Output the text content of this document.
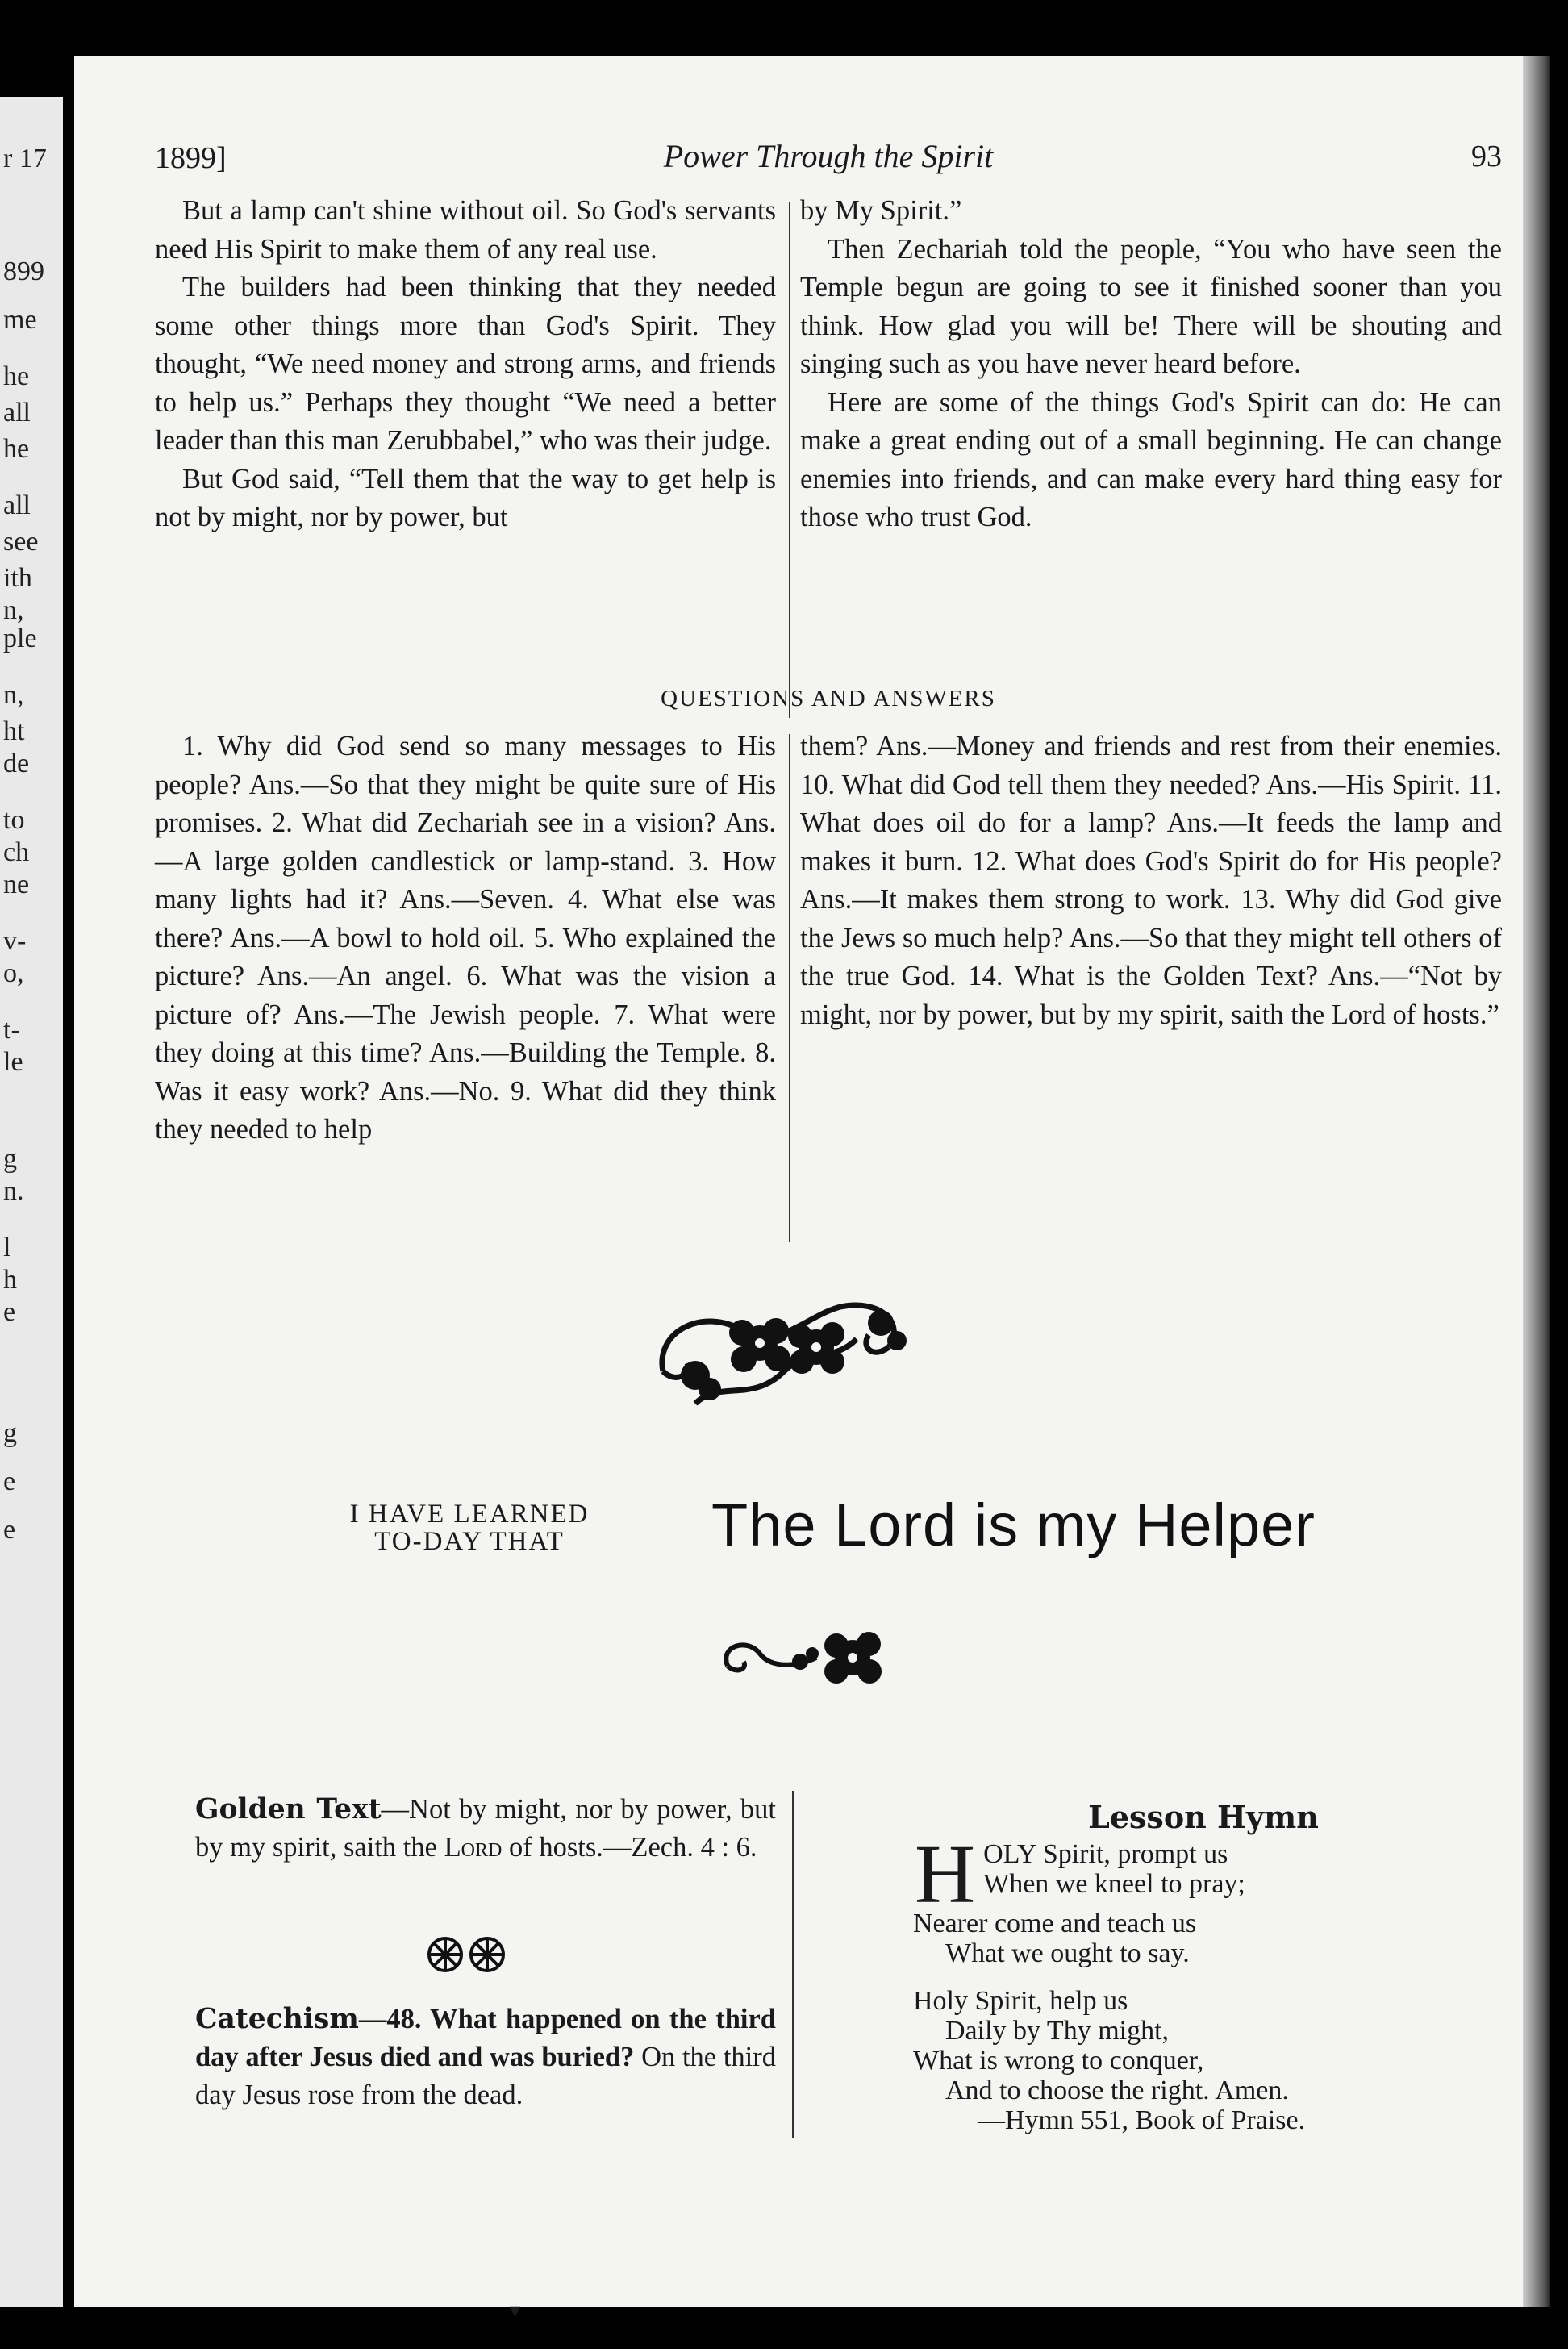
r 17
899
me
he
all
he
all
see
ith
n,
ple
n,
ht
de
to
ch
ne
v-
o,
t-
le
g
n.
l
h
e
g
e
e
1899]	Power Through the Spirit	93

But a lamp can't shine without oil. So God's servants need His Spirit to make them of any real use.

The builders had been thinking that they needed some other things more than God's Spirit. They thought, “We need money and strong arms, and friends to help us.” Perhaps they thought “We need a better leader than this man Zerubbabel,” who was their judge.

But God said, “Tell them that the way to get help is not by might, nor by power, but

by My Spirit.”

Then Zechariah told the people, “You who have seen the Temple begun are going to see it finished sooner than you think. How glad you will be! There will be shouting and singing such as you have never heard before.

Here are some of the things God's Spirit can do: He can make a great ending out of a small beginning. He can change enemies into friends, and can make every hard thing easy for those who trust God.

QUESTIONS AND ANSWERS

1. Why did God send so many messages to His people? Ans.—So that they might be quite sure of His promises. 2. What did Zechariah see in a vision? Ans.—A large golden candlestick or lamp-stand. 3. How many lights had it? Ans.—Seven. 4. What else was there? Ans.—A bowl to hold oil. 5. Who explained the picture? Ans.—An angel. 6. What was the vision a picture of? Ans.—The Jewish people. 7. What were they doing at this time? Ans.—Building the Temple. 8. Was it easy work? Ans.—No. 9. What did they think they needed to help

them? Ans.—Money and friends and rest from their enemies. 10. What did God tell them they needed? Ans.—His Spirit. 11. What does oil do for a lamp? Ans.—It feeds the lamp and makes it burn. 12. What does God's Spirit do for His people? Ans.—It makes them strong to work. 13. Why did God give the Jews so much help? Ans.—So that they might tell others of the true God. 14. What is the Golden Text? Ans.—“Not by might, nor by power, but by my spirit, saith the Lord of hosts.”

I HAVE LEARNED
TO-DAY THAT	The Lord is my Helper
Golden Text—Not by might, nor by power, but by my spirit, saith the Lord of hosts.—Zech. 4 : 6.
Catechism—48. What happened on the third day after Jesus died and was buried? On the third day Jesus rose from the dead.
Lesson Hymn
H OLY Spirit, prompt us
When we kneel to pray;
Nearer come and teach us
What we ought to say.
Holy Spirit, help us
Daily by Thy might,
What is wrong to conquer,
And to choose the right. Amen.
—Hymn 551, Book of Praise.
▾
